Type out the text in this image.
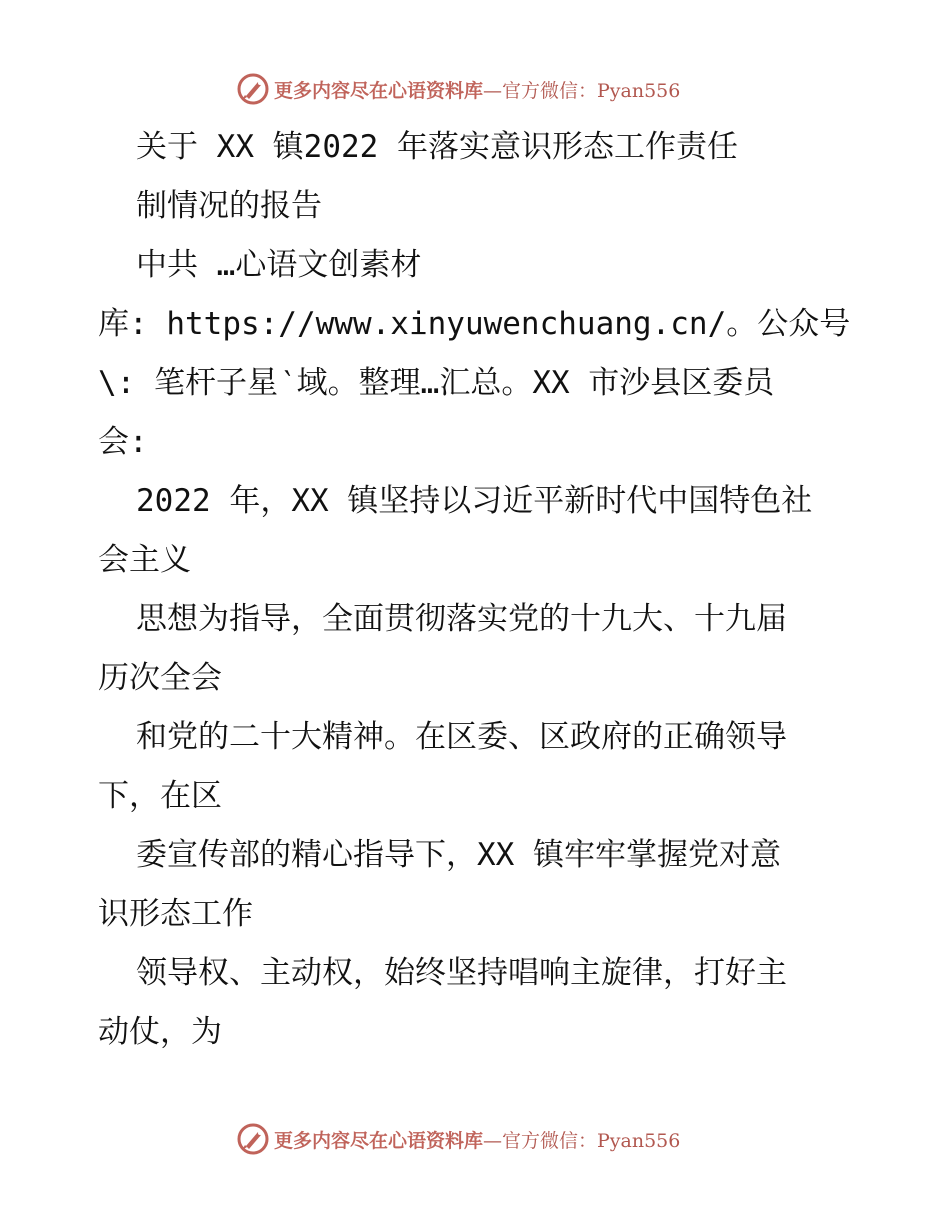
更多内容尽在心语资料库 —官方微信：Pyan556
关于 XX 镇2022 年落实意识形态工作责任
制情况的报告
中共 …心语文创素材
库: https://www.xinyuwenchuang.cn/。公众号
\: 笔杆子星‵域。整理…汇总。XX 市沙县区委员
会:
2022 年，XX 镇坚持以习近平新时代中国特色社
会主义
思想为指导，全面贯彻落实党的十九大、十九届
历次全会
和党的二十大精神。在区委、区政府的正确领导
下，在区
委宣传部的精心指导下，XX 镇牢牢掌握党对意
识形态工作
领导权、主动权，始终坚持唱响主旋律，打好主
动仗，为
更多内容尽在心语资料库 —官方微信：Pyan556
